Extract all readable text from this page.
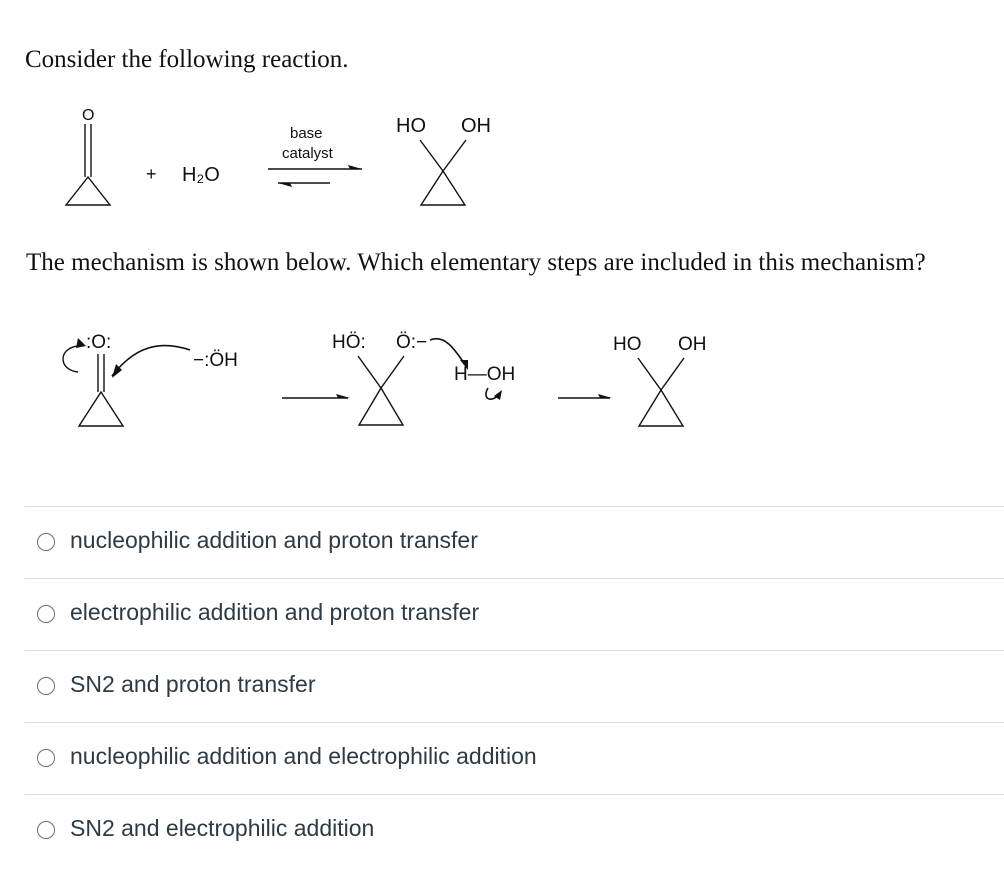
Consider the following reaction.
O
+ H₂O
base
catalyst
HO OH
The mechanism is shown below. Which elementary steps are included in this mechanism?
:O:
−:ÖH
HÖ: Ö:−
H—OH
HO OH
nucleophilic addition and proton transfer
electrophilic addition and proton transfer
SN2 and proton transfer
nucleophilic addition and electrophilic addition
SN2 and electrophilic addition
